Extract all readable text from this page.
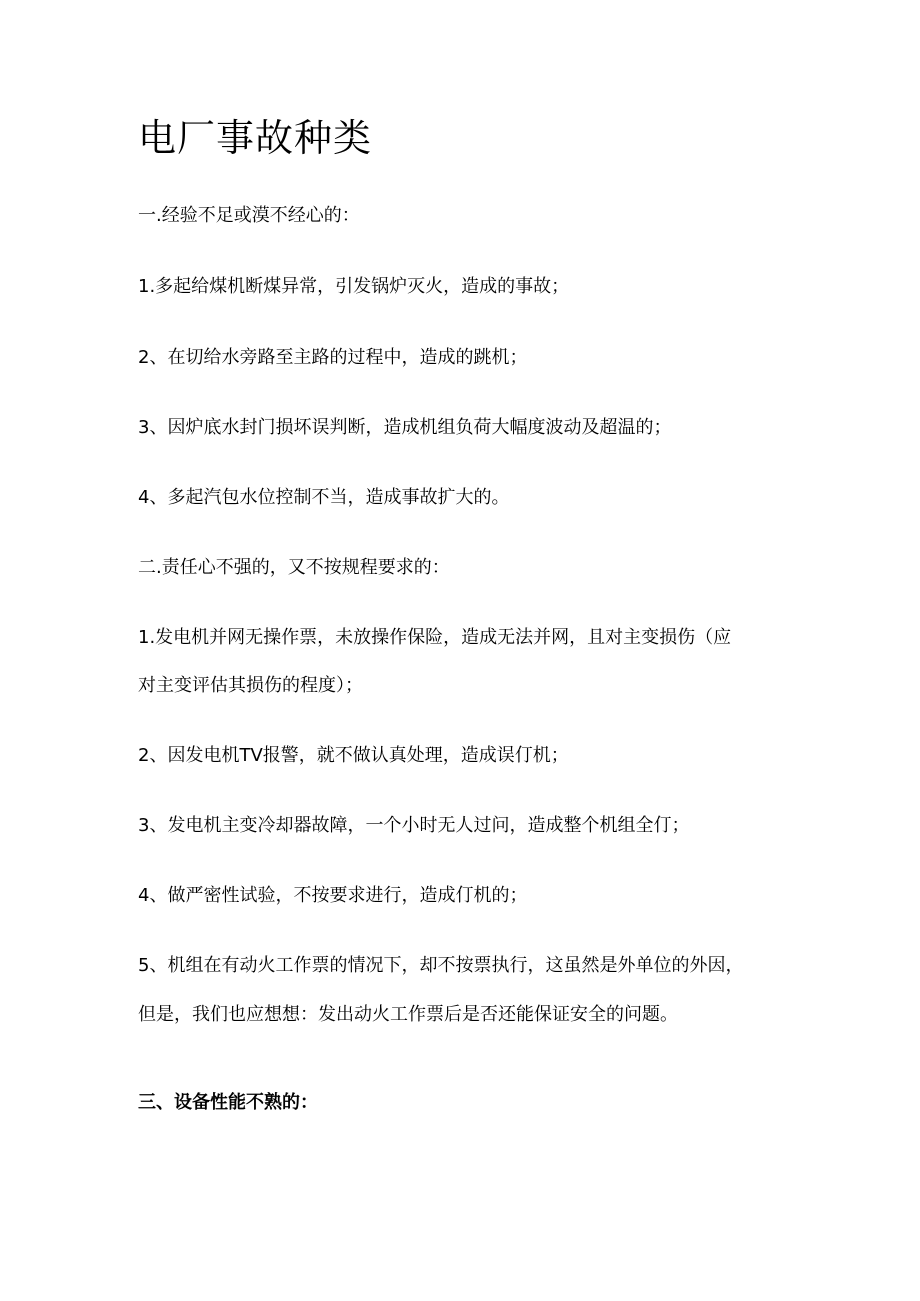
电厂事故种类
一.经验不足或漠不经心的：
1.多起给煤机断煤异常，引发锅炉灭火，造成的事故；
2、在切给水旁路至主路的过程中，造成的跳机；
3、因炉底水封门损坏误判断，造成机组负荷大幅度波动及超温的；
4、多起汽包水位控制不当，造成事故扩大的。
二.责任心不强的，又不按规程要求的：
1.发电机并网无操作票，未放操作保险，造成无法并网，且对主变损伤（应
对主变评估其损伤的程度）；
2、因发电机TV报警，就不做认真处理，造成误仃机；
3、发电机主变冷却器故障，一个小时无人过问，造成整个机组全仃；
4、做严密性试验，不按要求进行，造成仃机的；
5、机组在有动火工作票的情况下，却不按票执行，这虽然是外单位的外因，
但是，我们也应想想：发出动火工作票后是否还能保证安全的问题。
三、设备性能不熟的：
